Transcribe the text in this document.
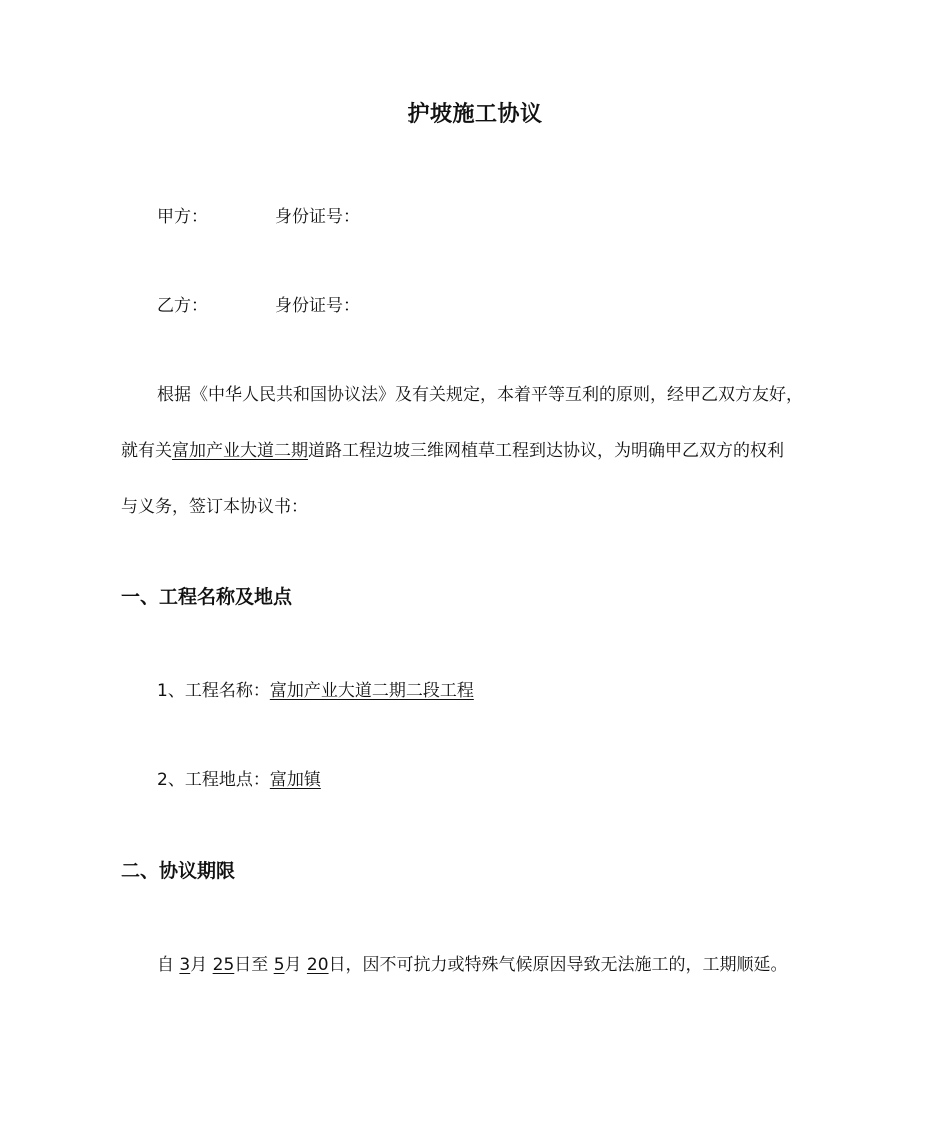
护坡施工协议
甲方：	身份证号：
乙方：	身份证号：
根据《中华人民共和国协议法》及有关规定，本着平等互利的原则，经甲乙双方友好，
就有关富加产业大道二期道路工程边坡三维网植草工程到达协议，为明确甲乙双方的权利
与义务，签订本协议书：
一、工程名称及地点
1、工程名称：富加产业大道二期二段工程
2、工程地点：富加镇
二、协议期限
自 3月 25日至 5月 20日，因不可抗力或特殊气候原因导致无法施工的，工期顺延。
